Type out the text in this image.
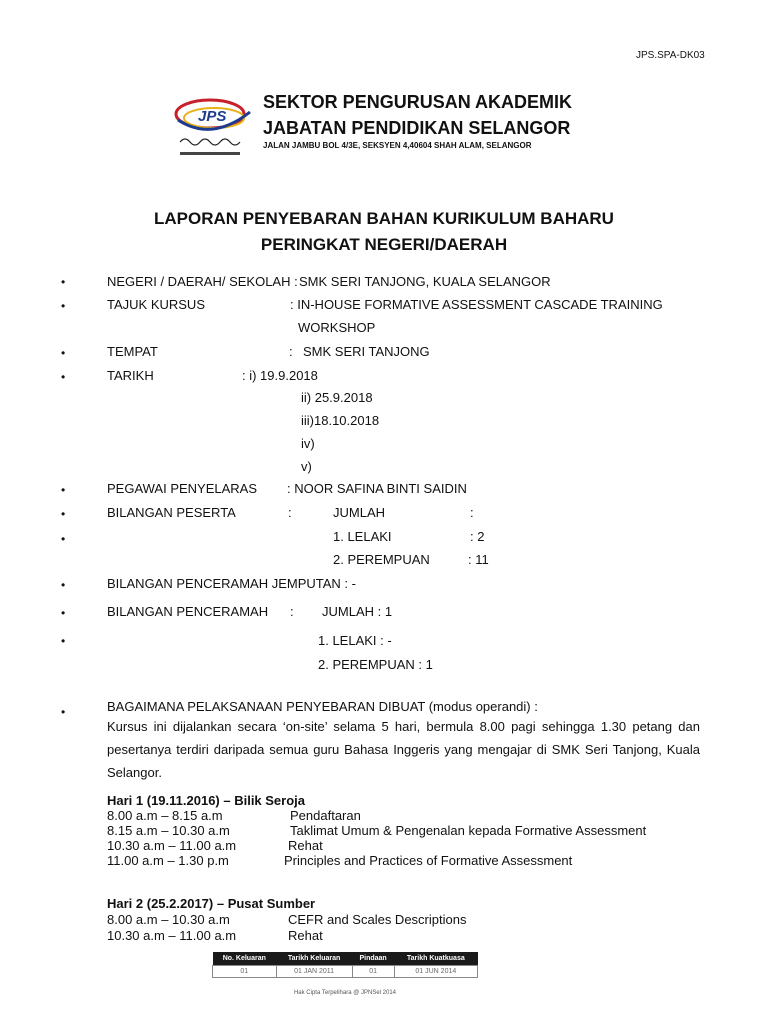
JPS.SPA-DK03
JPS
SEKTOR PENGURUSAN AKADEMIK
JABATAN PENDIDIKAN SELANGOR
JALAN JAMBU BOL 4/3E, SEKSYEN 4,40604 SHAH ALAM, SELANGOR
LAPORAN PENYEBARAN BAHAN KURIKULUM BAHARU
PERINGKAT NEGERI/DAERAH
•
•
•
•
•
•
•
•
•
•
•
NEGERI / DAERAH/ SEKOLAH : SMK SERI TANJONG, KUALA SELANGOR
TAJUK KURSUS	: IN-HOUSE FORMATIVE ASSESSMENT CASCADE TRAINING
WORKSHOP
TEMPAT	: SMK SERI TANJONG
TARIKH	: i) 19.9.2018
ii) 25.9.2018
iii)18.10.2018
iv)
v)
PEGAWAI PENYELARAS : NOOR SAFINA BINTI SAIDIN
BILANGAN PESERTA	:	JUMLAH	:
1. LELAKI	: 2
2. PEREMPUAN	: 11
BILANGAN PENCERAMAH JEMPUTAN : -
BILANGAN PENCERAMAH : JUMLAH : 1
1. LELAKI : -
2. PEREMPUAN : 1
BAGAIMANA PELAKSANAAN PENYEBARAN DIBUAT (modus operandi) :
Kursus ini dijalankan secara ‘on-site’ selama 5 hari, bermula 8.00 pagi sehingga 1.30 petang dan pesertanya terdiri daripada semua guru Bahasa Inggeris yang mengajar di SMK Seri Tanjong, Kuala Selangor.
Hari 1 (19.11.2016) – Bilik Seroja
8.00 a.m – 8.15 a.m	Pendaftaran
8.15 a.m – 10.30 a.m	Taklimat Umum & Pengenalan kepada Formative Assessment
10.30 a.m – 11.00 a.m	Rehat
11.00 a.m – 1.30 p.m	Principles and Practices of Formative Assessment
Hari 2 (25.2.2017) – Pusat Sumber
8.00 a.m – 10.30 a.m	CEFR and Scales Descriptions
10.30 a.m – 11.00 a.m	Rehat
No. Keluaran	Tarikh Keluaran	Pindaan	Tarikh Kuatkuasa
01	01 JAN 2011	01	01 JUN 2014
Hak Cipta Terpelihara @ JPNSel 2014
